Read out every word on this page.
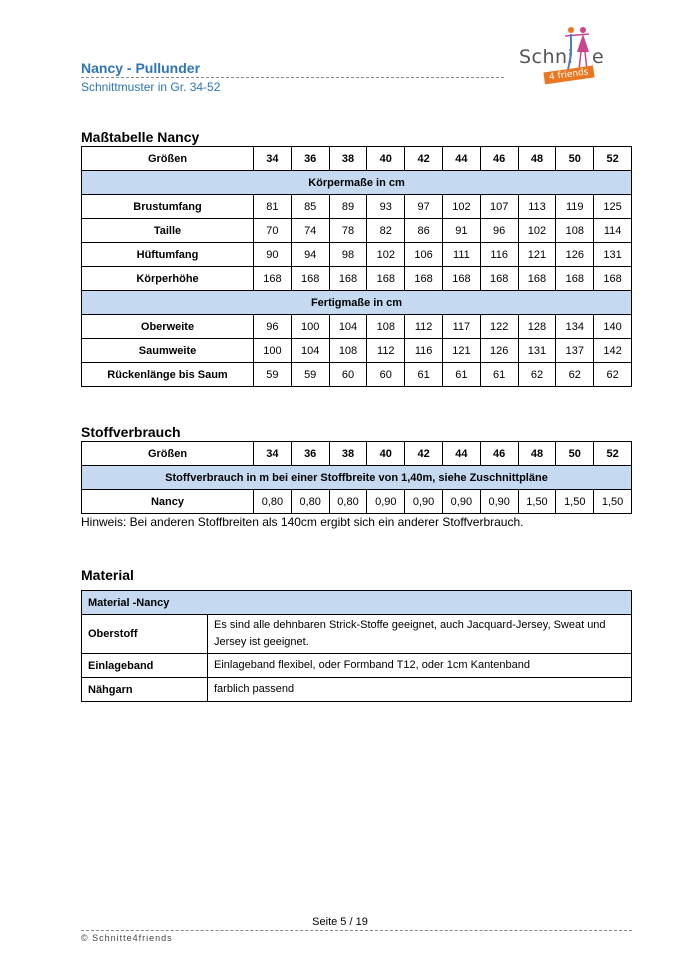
Nancy - Pullunder
Schnittmuster in Gr. 34-52
Schni e
4 friends
Maßtabelle Nancy
Größen	34	36	38	40	42	44	46	48	50	52
Körpermaße in cm										
Brustumfang	81	85	89	93	97	102	107	113	119	125
Taille	70	74	78	82	86	91	96	102	108	114
Hüftumfang	90	94	98	102	106	111	116	121	126	131
Körperhöhe	168	168	168	168	168	168	168	168	168	168
Fertigmaße in cm										
Oberweite	96	100	104	108	112	117	122	128	134	140
Saumweite	100	104	108	112	116	121	126	131	137	142
Rückenlänge bis Saum	59	59	60	60	61	61	61	62	62	62
Stoffverbrauch
Größen	34	36	38	40	42	44	46	48	50	52
Stoffverbrauch in m bei einer Stoffbreite von 1,40m, siehe Zuschnittpläne										
Nancy	0,80	0,80	0,80	0,90	0,90	0,90	0,90	1,50	1,50	1,50
Hinweis: Bei anderen Stoffbreiten als 140cm ergibt sich ein anderer Stoffverbrauch.
Material
Material -Nancy	
Oberstoff	Es sind alle dehnbaren Strick-Stoffe geeignet, auch Jacquard-Jersey, Sweat und Jersey ist geeignet.
Einlageband	Einlageband flexibel, oder Formband T12, oder 1cm Kantenband
Nähgarn	farblich passend
Seite 5 / 19
© Schnitte4friends
